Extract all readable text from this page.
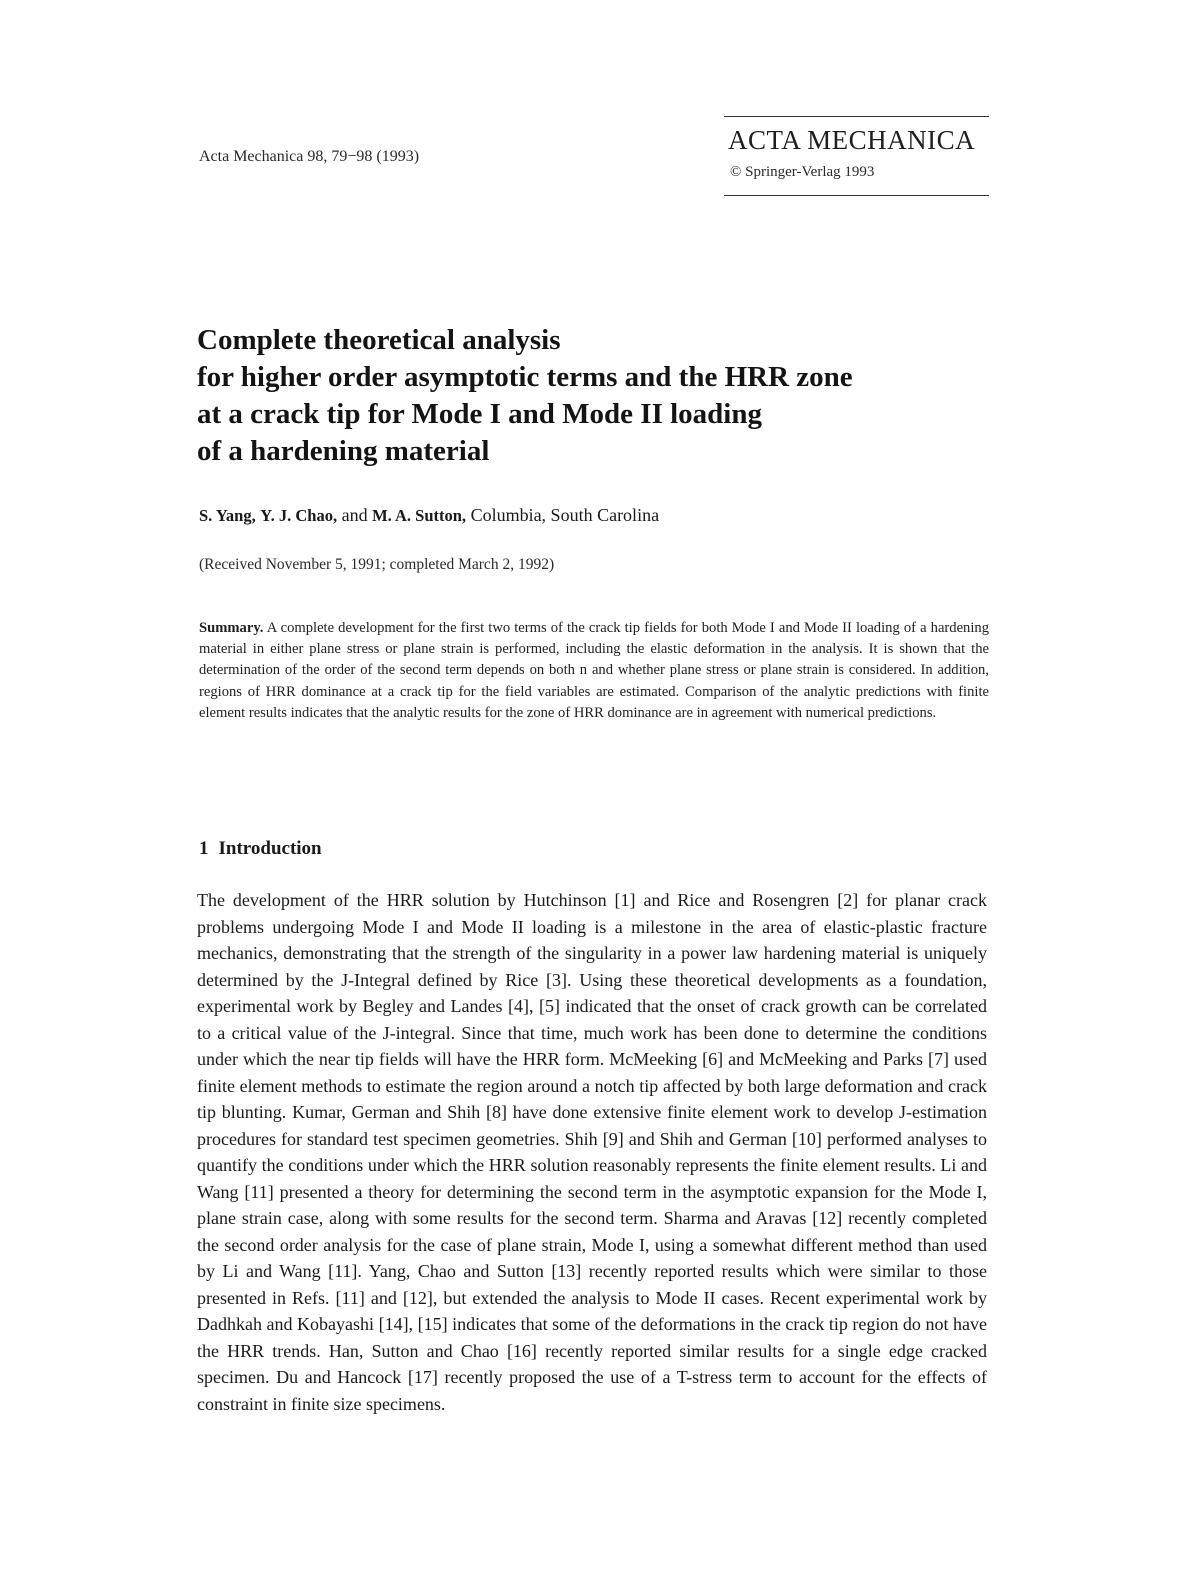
Acta Mechanica 98, 79−98 (1993)
ACTA MECHANICA
© Springer-Verlag 1993
Complete theoretical analysis
for higher order asymptotic terms and the HRR zone
at a crack tip for Mode I and Mode II loading
of a hardening material
S. Yang, Y. J. Chao, and M. A. Sutton, Columbia, South Carolina
(Received November 5, 1991; completed March 2, 1992)

Summary. A complete development for the first two terms of the crack tip fields for both Mode I and Mode II loading of a hardening material in either plane stress or plane strain is performed, including the elastic deformation in the analysis. It is shown that the determination of the order of the second term depends on both n and whether plane stress or plane strain is considered. In addition, regions of HRR dominance at a crack tip for the field variables are estimated. Comparison of the analytic predictions with finite element results indicates that the analytic results for the zone of HRR dominance are in agreement with numerical predictions.

1 Introduction

The development of the HRR solution by Hutchinson [1] and Rice and Rosengren [2] for planar crack problems undergoing Mode I and Mode II loading is a milestone in the area of elastic-plastic fracture mechanics, demonstrating that the strength of the singularity in a power law hardening material is uniquely determined by the J-Integral defined by Rice [3]. Using these theoretical developments as a foundation, experimental work by Begley and Landes [4], [5] indicated that the onset of crack growth can be correlated to a critical value of the J-integral. Since that time, much work has been done to determine the conditions under which the near tip fields will have the HRR form. McMeeking [6] and McMeeking and Parks [7] used finite element methods to estimate the region around a notch tip affected by both large deformation and crack tip blunting. Kumar, German and Shih [8] have done extensive finite element work to develop J-estimation procedures for standard test specimen geometries. Shih [9] and Shih and German [10] performed analyses to quantify the conditions under which the HRR solution reasonably represents the finite element results. Li and Wang [11] presented a theory for determining the second term in the asymptotic expansion for the Mode I, plane strain case, along with some results for the second term. Sharma and Aravas [12] recently completed the second order analysis for the case of plane strain, Mode I, using a somewhat different method than used by Li and Wang [11]. Yang, Chao and Sutton [13] recently reported results which were similar to those presented in Refs. [11] and [12], but extended the analysis to Mode II cases. Recent experimental work by Dadhkah and Kobayashi [14], [15] indicates that some of the deformations in the crack tip region do not have the HRR trends. Han, Sutton and Chao [16] recently reported similar results for a single edge cracked specimen. Du and Hancock [17] recently proposed the use of a T-stress term to account for the effects of constraint in finite size specimens.
